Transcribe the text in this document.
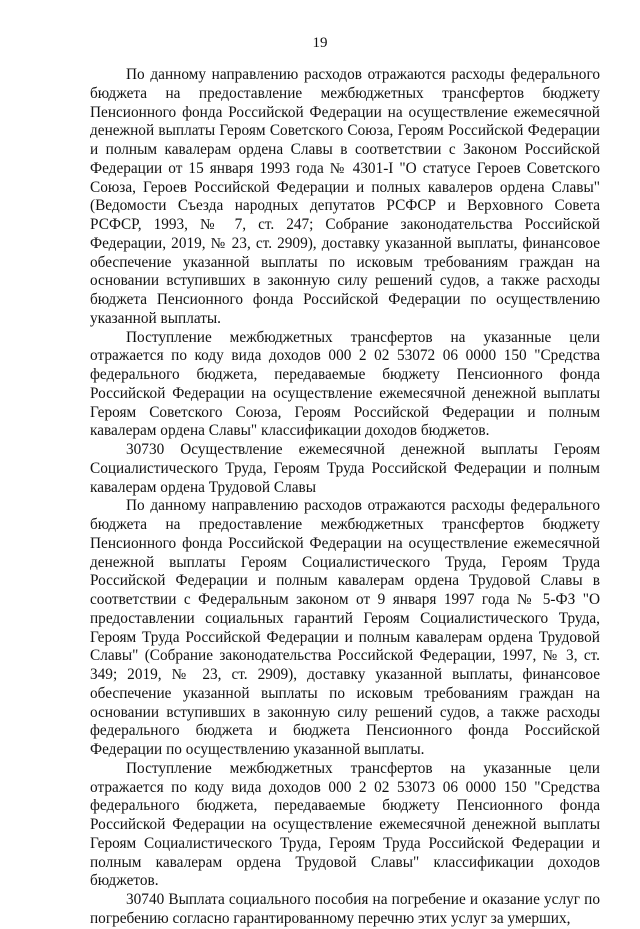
19

По данному направлению расходов отражаются расходы федерального бюджета на предоставление межбюджетных трансфертов бюджету Пенсионного фонда Российской Федерации на осуществление ежемесячной денежной выплаты Героям Советского Союза, Героям Российской Федерации и полным кавалерам ордена Славы в соответствии с Законом Российской Федерации от 15 января 1993 года № 4301-I "О статусе Героев Советского Союза, Героев Российской Федерации и полных кавалеров ордена Славы" (Ведомости Съезда народных депутатов РСФСР и Верховного Совета РСФСР, 1993, № 7, ст. 247; Собрание законодательства Российской Федерации, 2019, № 23, ст. 2909), доставку указанной выплаты, финансовое обеспечение указанной выплаты по исковым требованиям граждан на основании вступивших в законную силу решений судов, а также расходы бюджета Пенсионного фонда Российской Федерации по осуществлению указанной выплаты.

Поступление межбюджетных трансфертов на указанные цели отражается по коду вида доходов 000 2 02 53072 06 0000 150 "Средства федерального бюджета, передаваемые бюджету Пенсионного фонда Российской Федерации на осуществление ежемесячной денежной выплаты Героям Советского Союза, Героям Российской Федерации и полным кавалерам ордена Славы" классификации доходов бюджетов.

30730 Осуществление ежемесячной денежной выплаты Героям Социалистического Труда, Героям Труда Российской Федерации и полным кавалерам ордена Трудовой Славы

По данному направлению расходов отражаются расходы федерального бюджета на предоставление межбюджетных трансфертов бюджету Пенсионного фонда Российской Федерации на осуществление ежемесячной денежной выплаты Героям Социалистического Труда, Героям Труда Российской Федерации и полным кавалерам ордена Трудовой Славы в соответствии с Федеральным законом от 9 января 1997 года № 5-ФЗ "О предоставлении социальных гарантий Героям Социалистического Труда, Героям Труда Российской Федерации и полным кавалерам ордена Трудовой Славы" (Собрание законодательства Российской Федерации, 1997, № 3, ст. 349; 2019, № 23, ст. 2909), доставку указанной выплаты, финансовое обеспечение указанной выплаты по исковым требованиям граждан на основании вступивших в законную силу решений судов, а также расходы федерального бюджета и бюджета Пенсионного фонда Российской Федерации по осуществлению указанной выплаты.

Поступление межбюджетных трансфертов на указанные цели отражается по коду вида доходов 000 2 02 53073 06 0000 150 "Средства федерального бюджета, передаваемые бюджету Пенсионного фонда Российской Федерации на осуществление ежемесячной денежной выплаты Героям Социалистического Труда, Героям Труда Российской Федерации и полным кавалерам ордена Трудовой Славы" классификации доходов бюджетов.

30740 Выплата социального пособия на погребение и оказание услуг по погребению согласно гарантированному перечню этих услуг за умерших,
